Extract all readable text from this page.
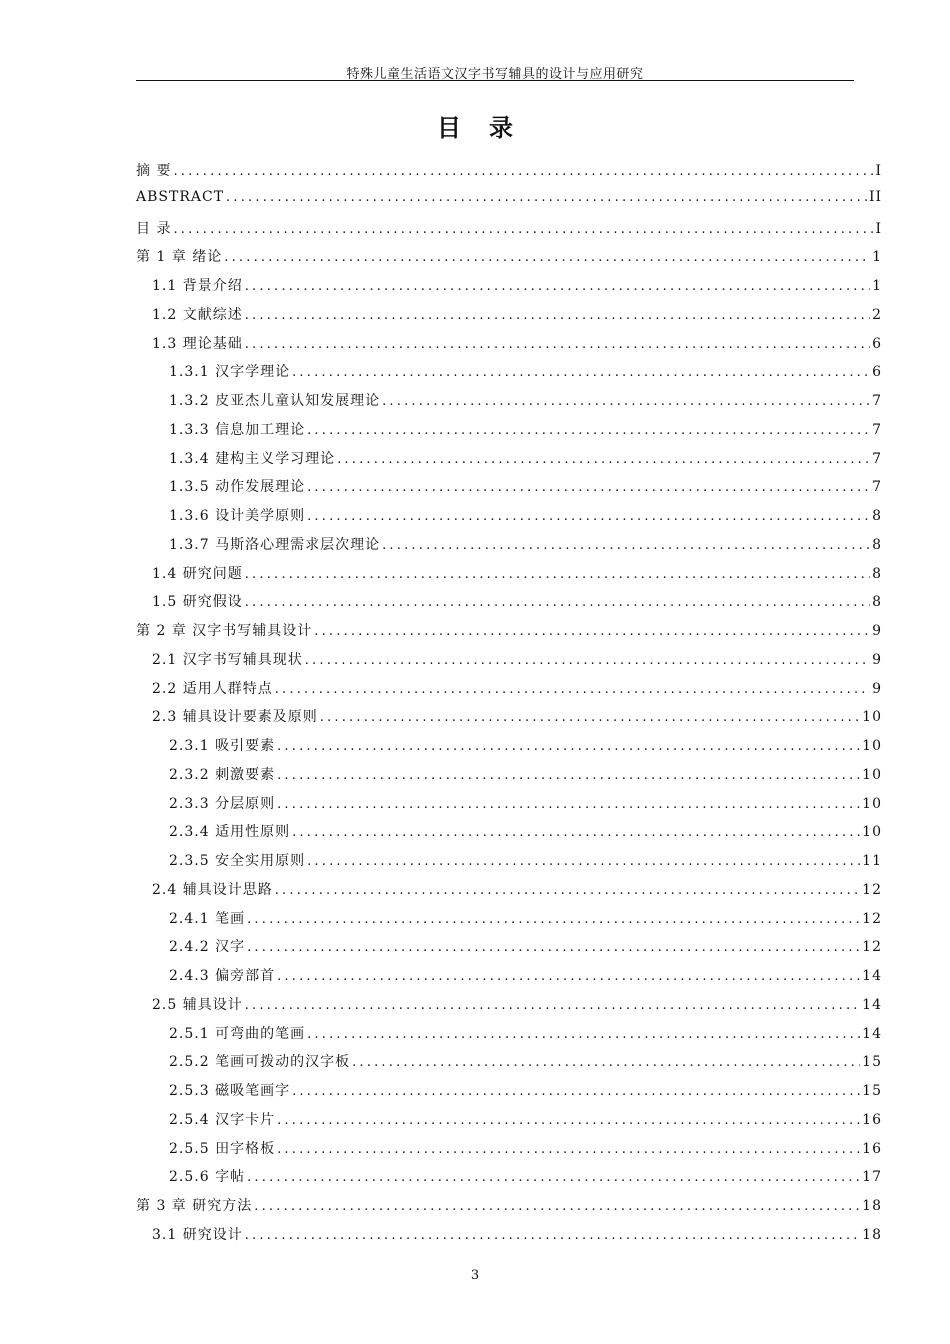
特殊儿童生活语文汉字书写辅具的设计与应用研究
目录
摘 要 .....	I
ABSTRACT .....	II
目 录 .....	I
第 1 章 绪论 .....	1
1.1 背景介绍 .....	1
1.2 文献综述 .....	2
1.3 理论基础 .....	6
1.3.1 汉字学理论 .....	6
1.3.2 皮亚杰儿童认知发展理论 .....	7
1.3.3 信息加工理论 .....	7
1.3.4 建构主义学习理论 .....	7
1.3.5 动作发展理论 .....	7
1.3.6 设计美学原则 .....	8
1.3.7 马斯洛心理需求层次理论 .....	8
1.4 研究问题 .....	8
1.5 研究假设 .....	8
第 2 章 汉字书写辅具设计 .....	9
2.1 汉字书写辅具现状 .....	9
2.2 适用人群特点 .....	9
2.3 辅具设计要素及原则 .....	10
2.3.1 吸引要素 .....	10
2.3.2 刺激要素 .....	10
2.3.3 分层原则 .....	10
2.3.4 适用性原则 .....	10
2.3.5 安全实用原则 .....	11
2.4 辅具设计思路 .....	12
2.4.1 笔画 .....	12
2.4.2 汉字 .....	12
2.4.3 偏旁部首 .....	14
2.5 辅具设计 .....	14
2.5.1 可弯曲的笔画 .....	14
2.5.2 笔画可拨动的汉字板 .....	15
2.5.3 磁吸笔画字 .....	15
2.5.4 汉字卡片 .....	16
2.5.5 田字格板 .....	16
2.5.6 字帖 .....	17
第 3 章 研究方法 .....	18
3.1 研究设计 .....	18
3
